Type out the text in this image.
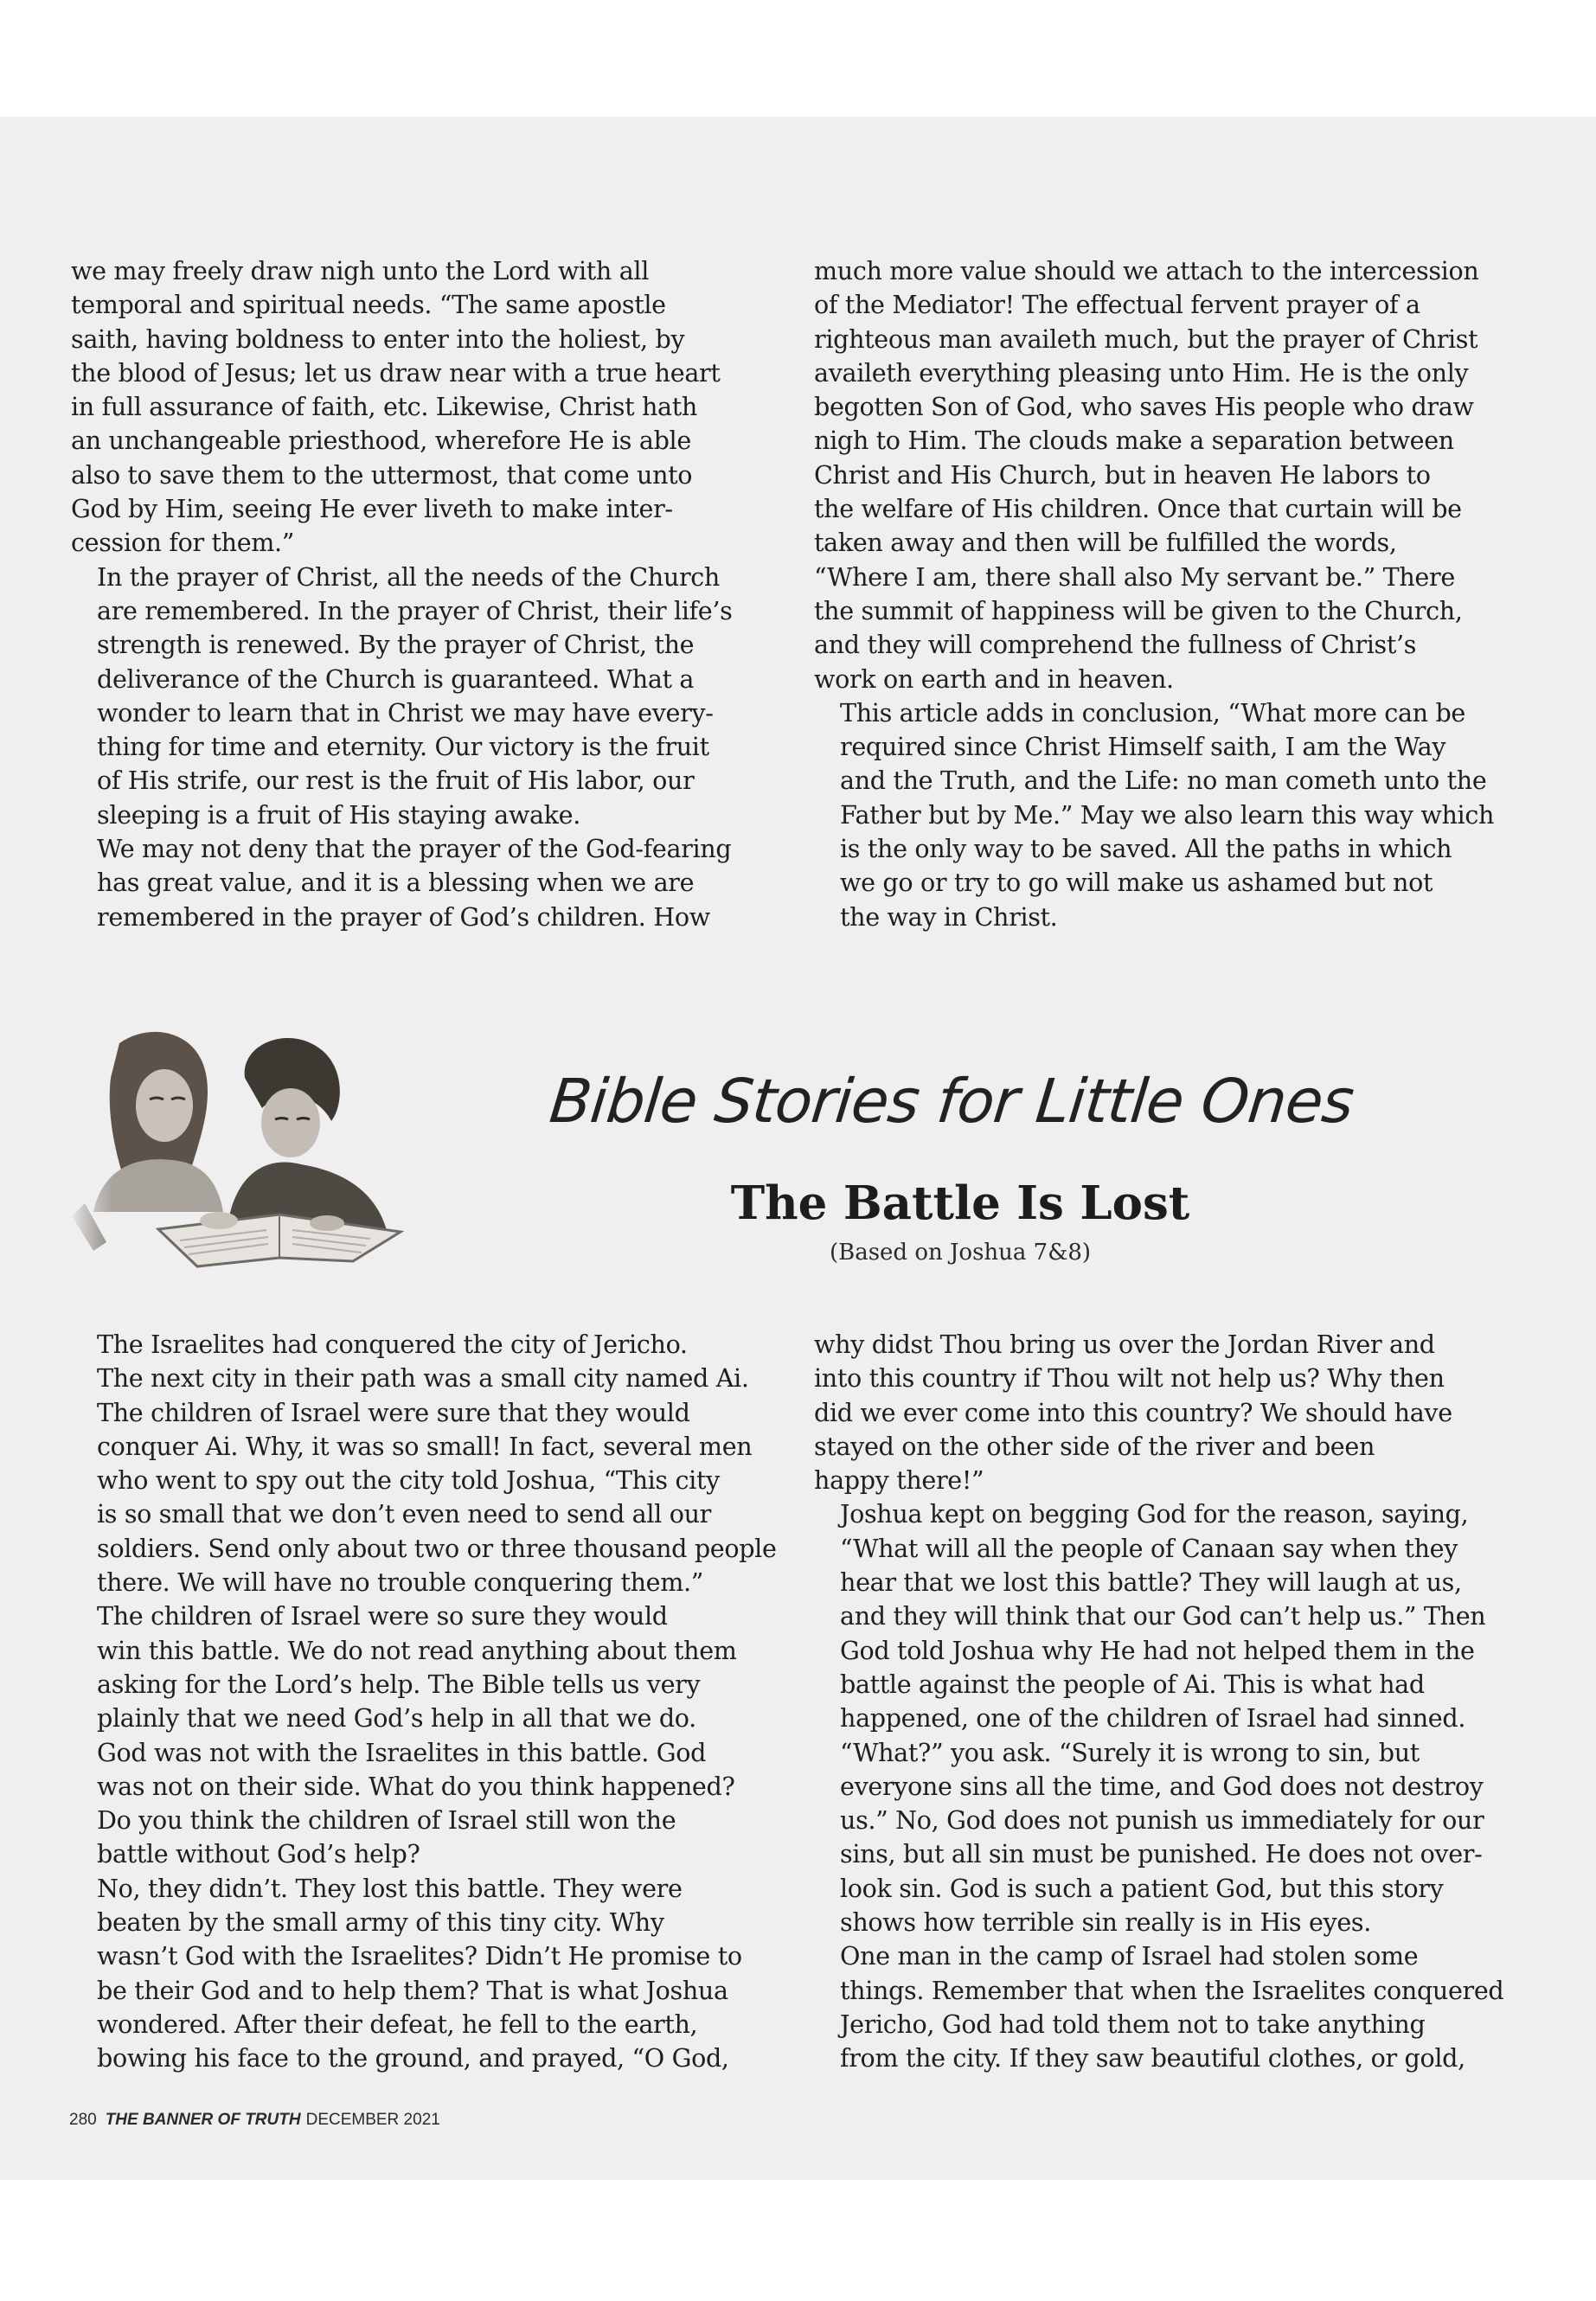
we may freely draw nigh unto the Lord with all
temporal and spiritual needs. “The same apostle
saith, having boldness to enter into the holiest, by
the blood of Jesus; let us draw near with a true heart
in full assurance of faith, etc. Likewise, Christ hath
an unchangeable priesthood, wherefore He is able
also to save them to the uttermost, that come unto
God by Him, seeing He ever liveth to make inter-
cession for them.”

In the prayer of Christ, all the needs of the Church
are remembered. In the prayer of Christ, their life’s
strength is renewed. By the prayer of Christ, the
deliverance of the Church is guaranteed. What a
wonder to learn that in Christ we may have every-
thing for time and eternity. Our victory is the fruit
of His strife, our rest is the fruit of His labor, our
sleeping is a fruit of His staying awake.

We may not deny that the prayer of the God-fearing
has great value, and it is a blessing when we are
remembered in the prayer of God’s children. How

much more value should we attach to the intercession
of the Mediator! The effectual fervent prayer of a
righteous man availeth much, but the prayer of Christ
availeth everything pleasing unto Him. He is the only
begotten Son of God, who saves His people who draw
nigh to Him. The clouds make a separation between
Christ and His Church, but in heaven He labors to
the welfare of His children. Once that curtain will be
taken away and then will be fulfilled the words,
“Where I am, there shall also My servant be.” There
the summit of happiness will be given to the Church,
and they will comprehend the fullness of Christ’s
work on earth and in heaven.

This article adds in conclusion, “What more can be
required since Christ Himself saith, I am the Way
and the Truth, and the Life: no man cometh unto the
Father but by Me.” May we also learn this way which
is the only way to be saved. All the paths in which
we go or try to go will make us ashamed but not
the way in Christ.

Bible Stories for Little Ones
The Battle Is Lost
(Based on Joshua 7&8)

The Israelites had conquered the city of Jericho.
The next city in their path was a small city named Ai.

The children of Israel were sure that they would
conquer Ai. Why, it was so small! In fact, several men
who went to spy out the city told Joshua, “This city
is so small that we don’t even need to send all our
soldiers. Send only about two or three thousand people
there. We will have no trouble conquering them.”

The children of Israel were so sure they would
win this battle. We do not read anything about them
asking for the Lord’s help. The Bible tells us very
plainly that we need God’s help in all that we do.
God was not with the Israelites in this battle. God
was not on their side. What do you think happened?
Do you think the children of Israel still won the
battle without God’s help?

No, they didn’t. They lost this battle. They were
beaten by the small army of this tiny city. Why
wasn’t God with the Israelites? Didn’t He promise to
be their God and to help them? That is what Joshua
wondered. After their defeat, he fell to the earth,
bowing his face to the ground, and prayed, “O God,

why didst Thou bring us over the Jordan River and
into this country if Thou wilt not help us? Why then
did we ever come into this country? We should have
stayed on the other side of the river and been
happy there!”

Joshua kept on begging God for the reason, saying,
“What will all the people of Canaan say when they
hear that we lost this battle? They will laugh at us,
and they will think that our God can’t help us.” Then
God told Joshua why He had not helped them in the
battle against the people of Ai. This is what had
happened, one of the children of Israel had sinned.

“What?” you ask. “Surely it is wrong to sin, but
everyone sins all the time, and God does not destroy
us.” No, God does not punish us immediately for our
sins, but all sin must be punished. He does not over-
look sin. God is such a patient God, but this story
shows how terrible sin really is in His eyes.

One man in the camp of Israel had stolen some
things. Remember that when the Israelites conquered
Jericho, God had told them not to take anything
from the city. If they saw beautiful clothes, or gold,

280 THE BANNER OF TRUTH DECEMBER 2021
